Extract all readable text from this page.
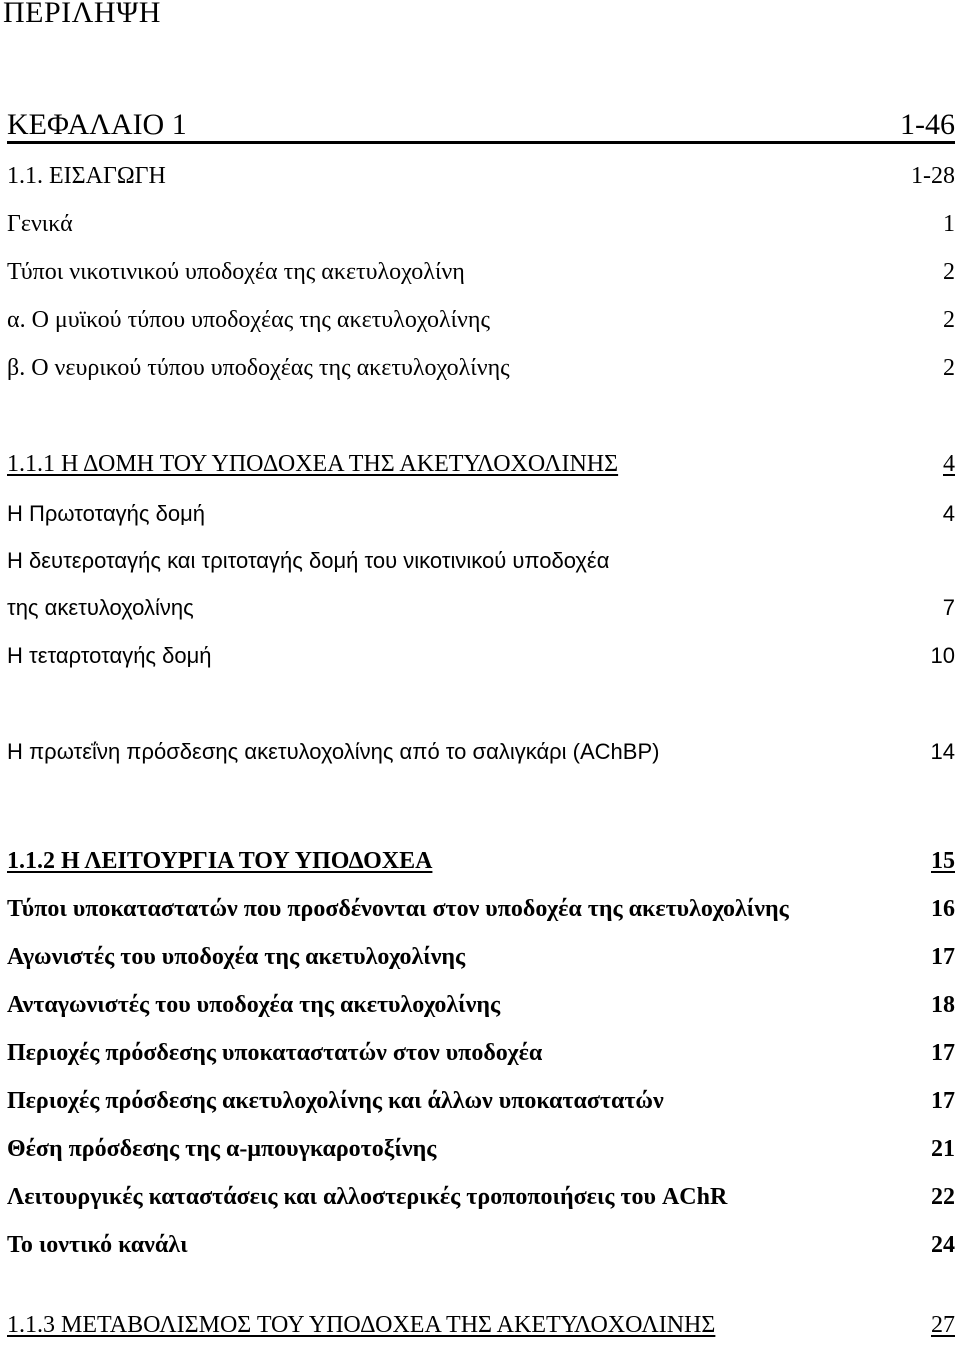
ΠΕΡΙΛΗΨΗ
ΚΕΦΑΛΑΙΟ 1	1-46
1.1. ΕΙΣΑΓΩΓΗ	1-28
Γενικά	1
Τύποι νικοτινικού υποδοχέα της ακετυλοχολίνη	2
α. Ο μυϊκού τύπου υποδοχέας της ακετυλοχολίνης	2
β. Ο νευρικού τύπου υποδοχέας της ακετυλοχολίνης	2
1.1.1 Η ΔΟΜΗ ΤΟΥ ΥΠΟΔΟΧΕΑ ΤΗΣ ΑΚΕΤΥΛΟΧΟΛΙΝΗΣ	4
Η Πρωτοταγής δομή	4
Η δευτεροταγής και τριτοταγής δομή του νικοτινικού υποδοχέα
της ακετυλοχολίνης	7
Η τεταρτοταγής δομή	10
Η πρωτεΐνη πρόσδεσης ακετυλοχολίνης από το σαλιγκάρι (AChBP)	14
1.1.2 Η ΛΕΙΤΟΥΡΓΙΑ ΤΟΥ ΥΠΟΔΟΧΕΑ	15
Τύποι υποκαταστατών που προσδένονται στον υποδοχέα της ακετυλοχολίνης	16
Αγωνιστές του υποδοχέα της ακετυλοχολίνης	17
Ανταγωνιστές του υποδοχέα της ακετυλοχολίνης	18
Περιοχές πρόσδεσης υποκαταστατών στον υποδοχέα	17
Περιοχές πρόσδεσης ακετυλοχολίνης και άλλων υποκαταστατών	17
Θέση πρόσδεσης της α-μπουγκαροτοξίνης	21
Λειτουργικές καταστάσεις και αλλοστερικές τροποποιήσεις του AChR	22
Το ιοντικό κανάλι	24
1.1.3 ΜΕΤΑΒΟΛΙΣΜΟΣ ΤΟΥ ΥΠΟΔΟΧΕΑ ΤΗΣ ΑΚΕΤΥΛΟΧΟΛΙΝΗΣ	27
